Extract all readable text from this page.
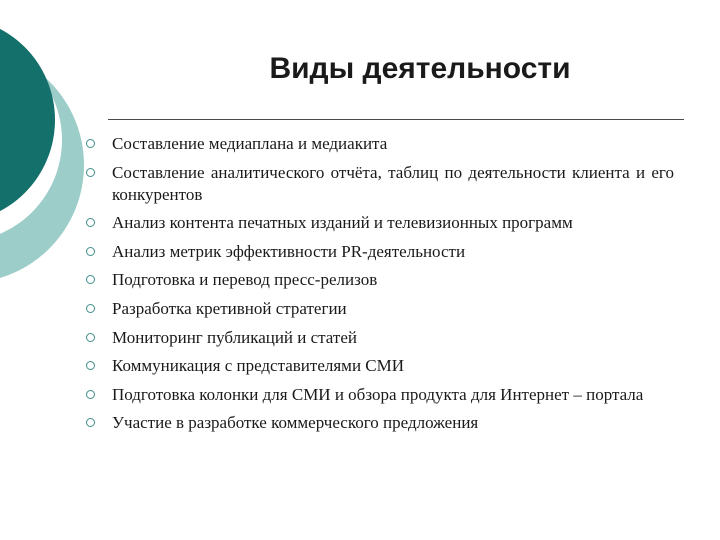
Виды деятельности
Составление медиаплана и медиакита
Составление аналитического отчёта, таблиц по деятельности клиента и его конкурентов
Анализ контента печатных изданий и телевизионных программ
Анализ метрик эффективности PR-деятельности
Подготовка и перевод пресс-релизов
Разработка кретивной стратегии
Мониторинг публикаций и статей
Коммуникация с представителями СМИ
Подготовка колонки для СМИ и обзора продукта для Интернет – портала
Участие в разработке коммерческого предложения
